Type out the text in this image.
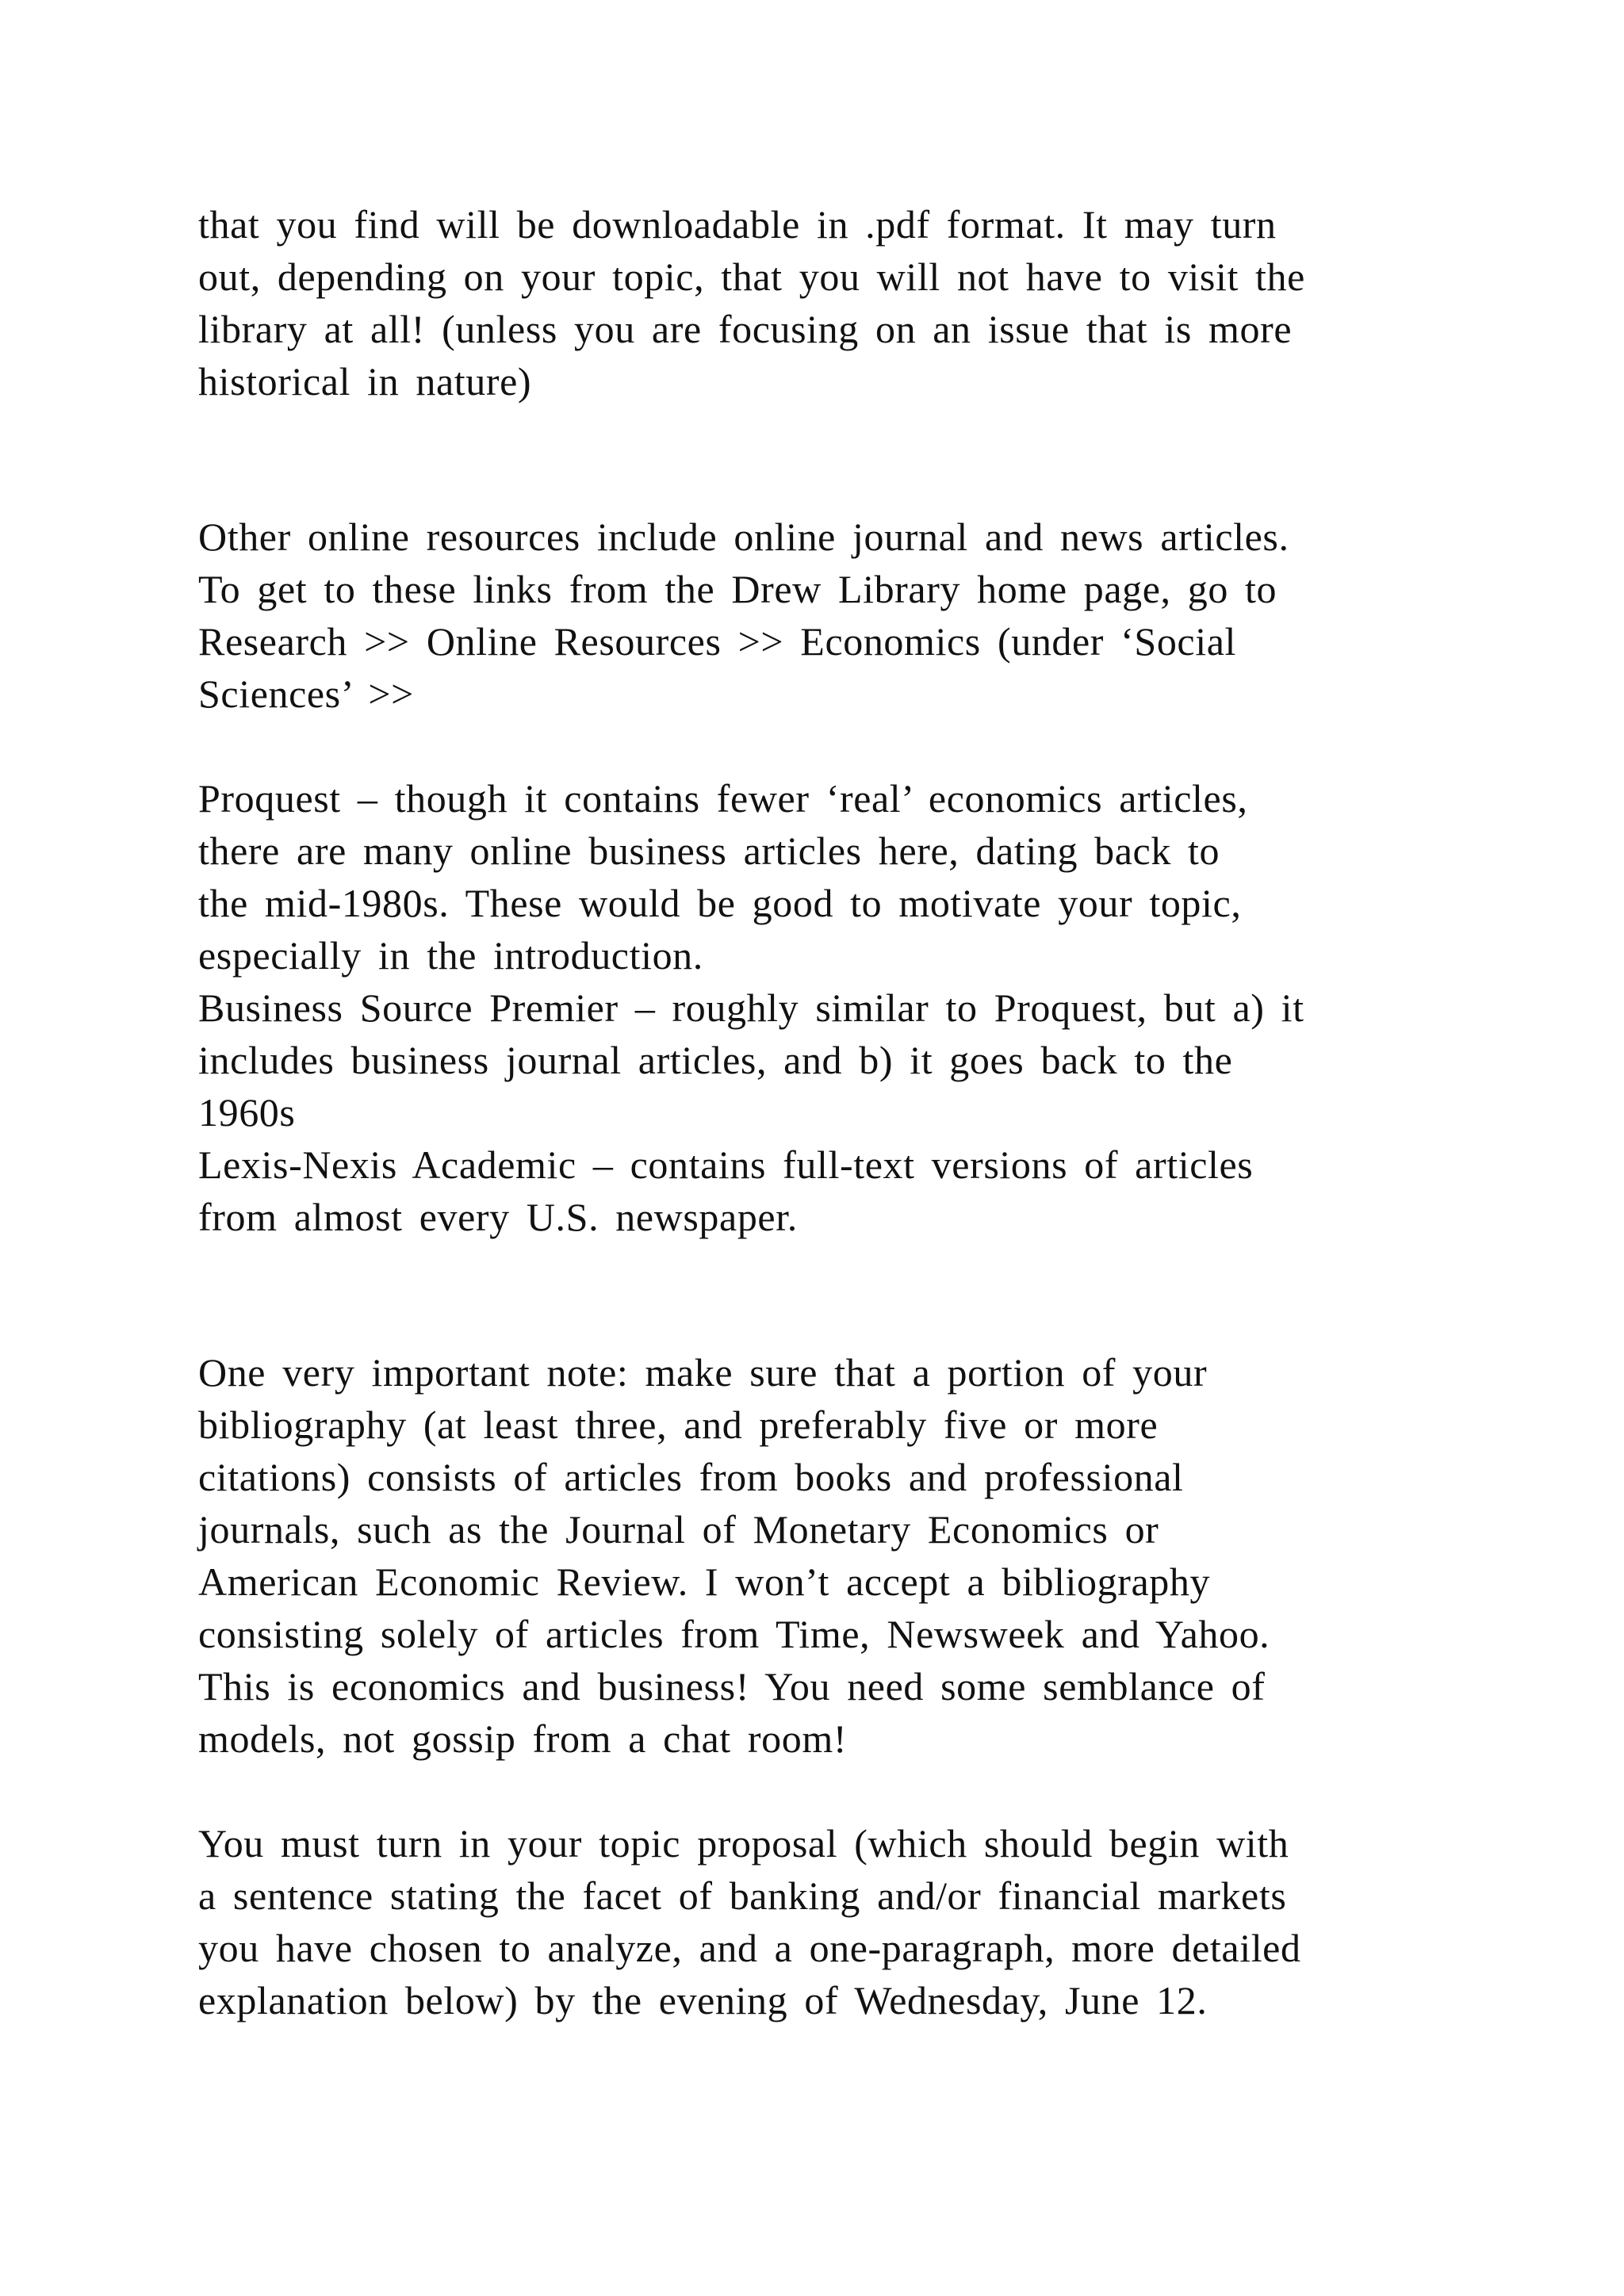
that you find will be downloadable in .pdf format. It may turn
out, depending on your topic, that you will not have to visit the
library at all! (unless you are focusing on an issue that is more
historical in nature)
Other online resources include online journal and news articles.
To get to these links from the Drew Library home page, go to
Research >> Online Resources >> Economics (under ‘Social
Sciences’ >>
Proquest – though it contains fewer ‘real’ economics articles,
there are many online business articles here, dating back to
the mid-1980s. These would be good to motivate your topic,
especially in the introduction.
Business Source Premier – roughly similar to Proquest, but a) it
includes business journal articles, and b) it goes back to the
1960s
Lexis-Nexis Academic – contains full-text versions of articles
from almost every U.S. newspaper.
One very important note: make sure that a portion of your
bibliography (at least three, and preferably five or more
citations) consists of articles from books and professional
journals, such as the Journal of Monetary Economics or
American Economic Review. I won’t accept a bibliography
consisting solely of articles from Time, Newsweek and Yahoo.
This is economics and business! You need some semblance of
models, not gossip from a chat room!
You must turn in your topic proposal (which should begin with
a sentence stating the facet of banking and/or financial markets
you have chosen to analyze, and a one-paragraph, more detailed
explanation below) by the evening of Wednesday, June 12.
